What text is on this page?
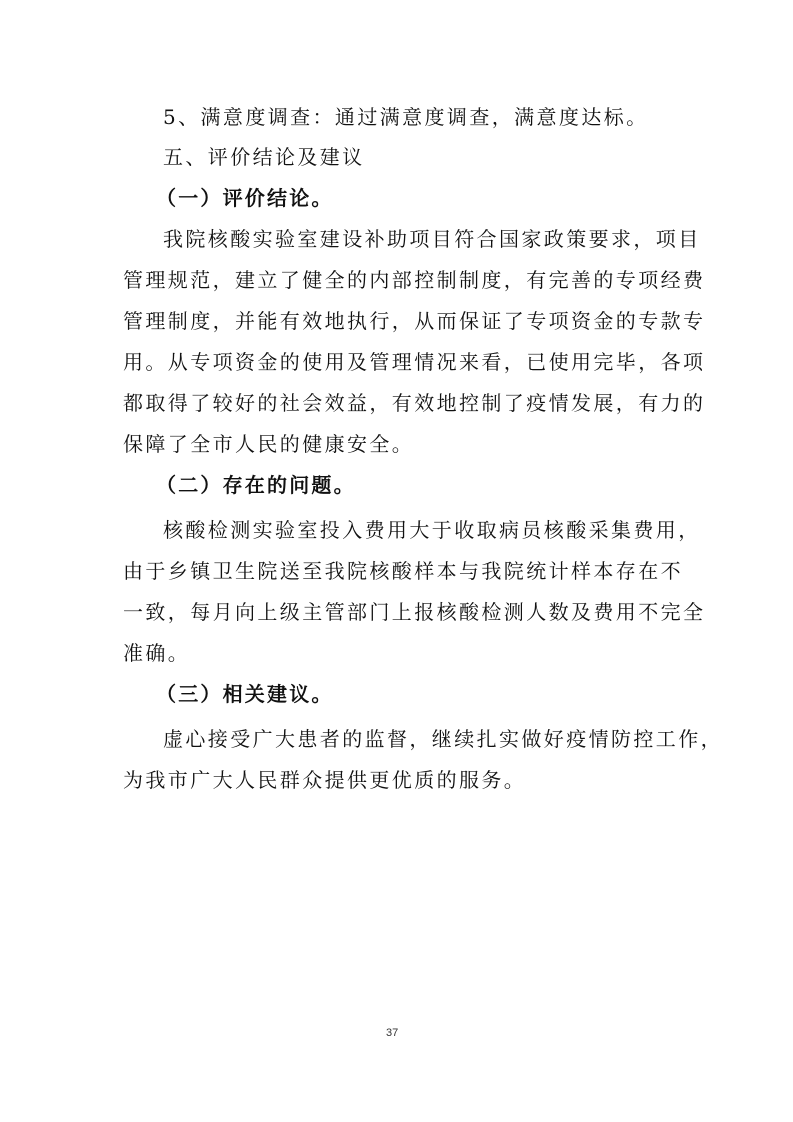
5、满意度调查：通过满意度调查，满意度达标。
五、评价结论及建议
（一）评价结论。
我院核酸实验室建设补助项目符合国家政策要求，项目
管理规范，建立了健全的内部控制制度，有完善的专项经费
管理制度，并能有效地执行，从而保证了专项资金的专款专
用。从专项资金的使用及管理情况来看，已使用完毕，各项
都取得了较好的社会效益，有效地控制了疫情发展，有力的
保障了全市人民的健康安全。
（二）存在的问题。
核酸检测实验室投入费用大于收取病员核酸采集费用，
由于乡镇卫生院送至我院核酸样本与我院统计样本存在不
一致，每月向上级主管部门上报核酸检测人数及费用不完全
准确。
（三）相关建议。
虚心接受广大患者的监督，继续扎实做好疫情防控工作，
为我市广大人民群众提供更优质的服务。
37
